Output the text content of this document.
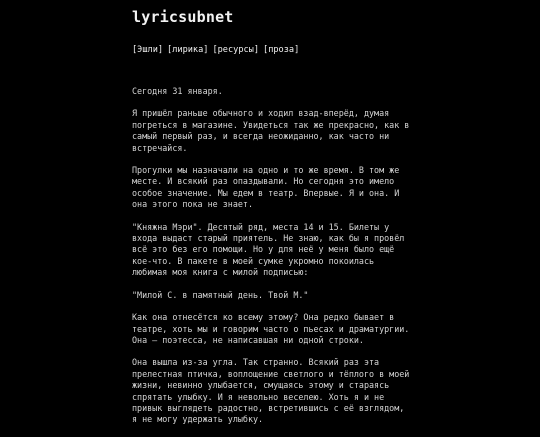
lyricsubnet
[Эшли] [лирика] [ресурсы] [проза]

Сегодня 31 января.

Я пришёл раньше обычного и ходил взад-вперёд, думая погреться в магазине. Увидеться так же прекрасно, как в самый первый раз, и всегда неожиданно, как часто ни встречайся.

Прогулки мы назначали на одно и то же время. В том же месте. И всякий раз опаздывали. Но сегодня это имело особое значение. Мы едем в театр. Впервые. Я и она. И она этого пока не знает.

"Княжна Мэри". Десятый ряд, места 14 и 15. Билеты у входа выдаст старый приятель. Не знаю, как бы я провёл всё это без его помощи. Но у для неё у меня было ещё кое-что. В пакете в моей сумке укромно покоилась любимая моя книга с милой подписью:

"Милой С. в памятный день. Твой М."

Как она отнесётся ко всему этому? Она редко бывает в театре, хоть мы и говорим часто о пьесах и драматургии. Она – поэтесса, не написавшая ни одной строки.

Она вышла из-за угла. Так странно. Всякий раз эта прелестная птичка, воплощение светлого и тёплого в моей жизни, невинно улыбается, смущаясь этому и стараясь спрятать улыбку. И я невольно веселею. Хоть я и не привык выглядеть радостно, встретившись с её взглядом, я не могу удержать улыбку.
